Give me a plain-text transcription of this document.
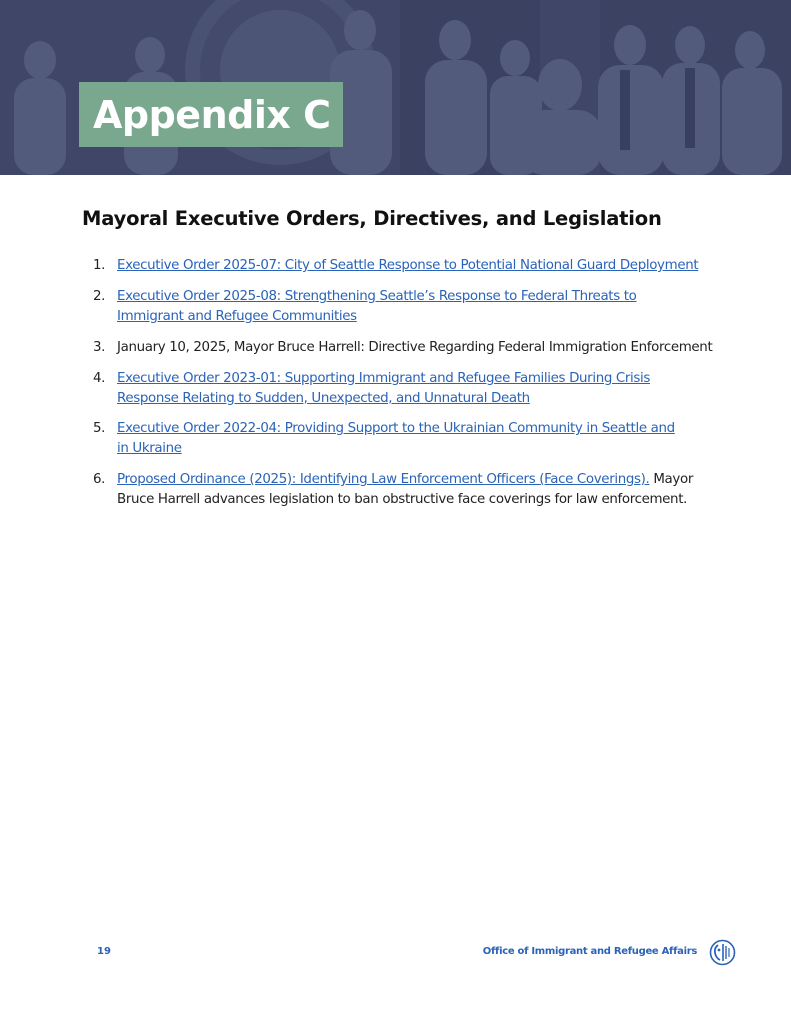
Appendix C
Mayoral Executive Orders, Directives, and Legislation
1. Executive Order 2025-07: City of Seattle Response to Potential National Guard Deployment
2. Executive Order 2025-08: Strengthening Seattle’s Response to Federal Threats to
Immigrant and Refugee Communities
3. January 10, 2025, Mayor Bruce Harrell: Directive Regarding Federal Immigration Enforcement
4. Executive Order 2023-01: Supporting Immigrant and Refugee Families During Crisis
Response Relating to Sudden, Unexpected, and Unnatural Death
5. Executive Order 2022-04: Providing Support to the Ukrainian Community in Seattle and
in Ukraine
6. Proposed Ordinance (2025): Identifying Law Enforcement Officers (Face Coverings). Mayor
Bruce Harrell advances legislation to ban obstructive face coverings for law enforcement.
19	Office of Immigrant and Refugee Affairs
